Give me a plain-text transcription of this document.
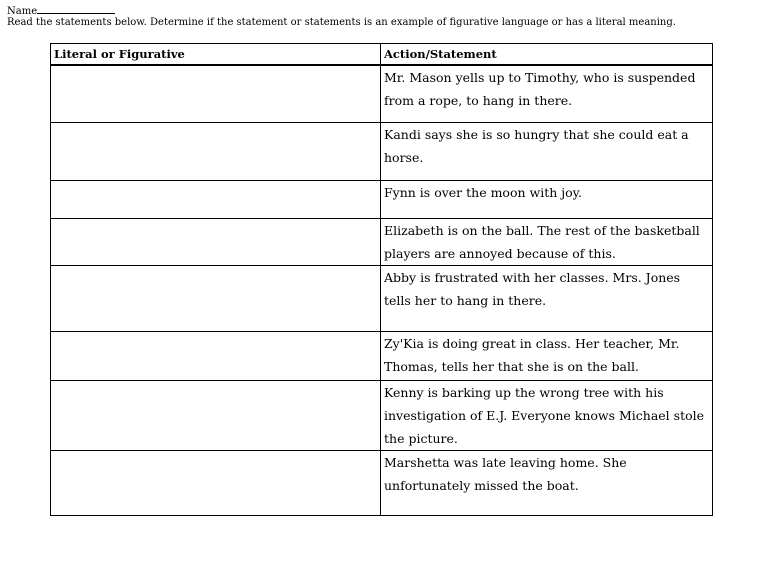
Name
Read the statements below. Determine if the statement or statements is an example of figurative language or has a literal meaning.
Literal or Figurative	Action/Statement
	Mr. Mason yells up to Timothy, who is suspended from a rope, to hang in there.
	Kandi says she is so hungry that she could eat a horse.
	Fynn is over the moon with joy.
	Elizabeth is on the ball. The rest of the basketball players are annoyed because of this.
	Abby is frustrated with her classes. Mrs. Jones tells her to hang in there.
	Zy'Kia is doing great in class. Her teacher, Mr. Thomas, tells her that she is on the ball.
	Kenny is barking up the wrong tree with his investigation of E.J. Everyone knows Michael stole the picture.
	Marshetta was late leaving home. She unfortunately missed the boat.
